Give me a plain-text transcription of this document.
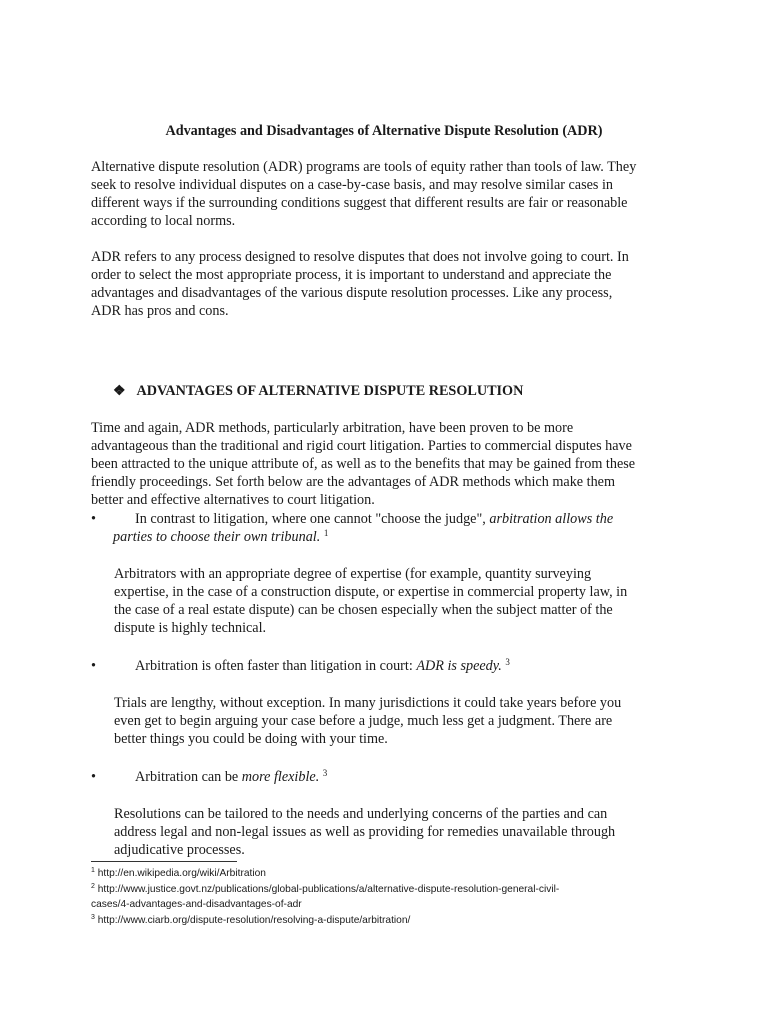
Advantages and Disadvantages of Alternative Dispute Resolution (ADR)

Alternative dispute resolution (ADR) programs are tools of equity rather than tools of law. They
seek to resolve individual disputes on a case-by-case basis, and may resolve similar cases in
different ways if the surrounding conditions suggest that different results are fair or reasonable
according to local norms.

ADR refers to any process designed to resolve disputes that does not involve going to court. In
order to select the most appropriate process, it is important to understand and appreciate the
advantages and disadvantages of the various dispute resolution processes. Like any process,
ADR has pros and cons.

❖ ADVANTAGES OF ALTERNATIVE DISPUTE RESOLUTION

Time and again, ADR methods, particularly arbitration, have been proven to be more
advantageous than the traditional and rigid court litigation. Parties to commercial disputes have
been attracted to the unique attribute of, as well as to the benefits that may be gained from these
friendly proceedings. Set forth below are the advantages of ADR methods which make them
better and effective alternatives to court litigation.

•	In contrast to litigation, where one cannot "choose the judge", arbitration allows the
parties to choose their own tribunal. $^1$
Arbitrators with an appropriate degree of expertise (for example, quantity surveying
expertise, in the case of a construction dispute, or expertise in commercial property law, in
the case of a real estate dispute) can be chosen especially when the subject matter of the
dispute is highly technical.
•	Arbitration is often faster than litigation in court: ADR is speedy. $^3$
Trials are lengthy, without exception. In many jurisdictions it could take years before you
even get to begin arguing your case before a judge, much less get a judgment. There are
better things you could be doing with your time.
•	Arbitration can be more flexible. $^3$
Resolutions can be tailored to the needs and underlying concerns of the parties and can
address legal and non-legal issues as well as providing for remedies unavailable through
adjudicative processes.
$^1$ http://en.wikipedia.org/wiki/Arbitration
$^2$ http://www.justice.govt.nz/publications/global-publications/a/alternative-dispute-resolution-general-civil-
cases/4-advantages-and-disadvantages-of-adr
$^3$ http://www.ciarb.org/dispute-resolution/resolving-a-dispute/arbitration/
